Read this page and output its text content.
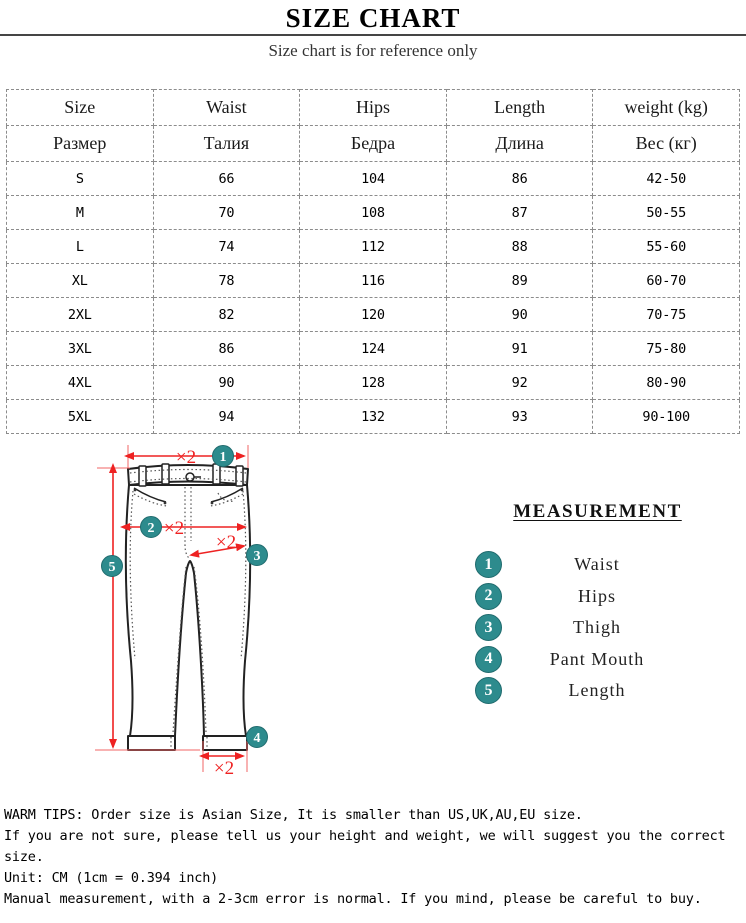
SIZE CHART

Size chart is for reference only

Size	Waist	Hips	Length	weight (kg)
Размер	Талия	Бедра	Длина	Вес (кг)
S	66	104	86	42-50
M	70	108	87	50-55
L	74	112	88	55-60
XL	78	116	89	60-70
2XL	82	120	90	70-75
3XL	86	124	91	75-80
4XL	90	128	92	80-90
5XL	94	132	93	90-100
×2
×2
×2
×2
1
2
3
4
5
MEASUREMENT
1	Waist
2	Hips
3	Thigh
4	Pant Mouth
5	Length
WARM TIPS: Order size is Asian Size, It is smaller than US,UK,AU,EU size.
If you are not sure, please tell us your height and weight, we will suggest you the correct
size.
Unit: CM (1cm = 0.394 inch)
Manual measurement, with a 2-3cm error is normal. If you mind, please be careful to buy.
